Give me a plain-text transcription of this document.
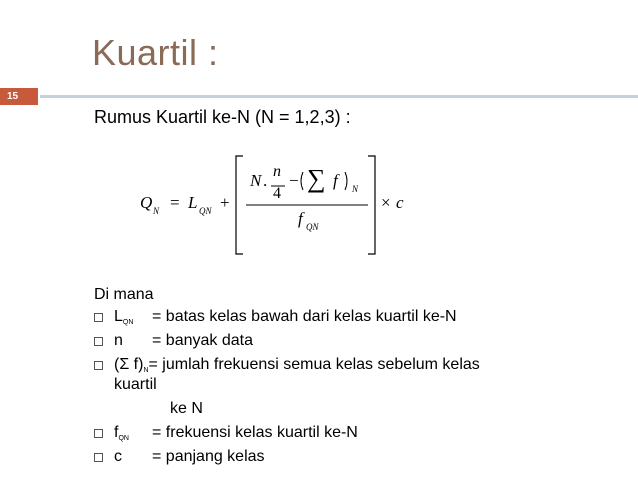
Kuartil :
15
Rumus Kuartil ke-N (N = 1,2,3) :
Q N = L QN +
N . n
4
− ∑ f N
f QN
× c
Di mana
LQN = batas kelas bawah dari kelas kuartil ke-N
n = banyak data
(Σ f)N= jumlah frekuensi semua kelas sebelum kelas
kuartil
ke N
fQN = frekuensi kelas kuartil ke-N
c = panjang kelas
